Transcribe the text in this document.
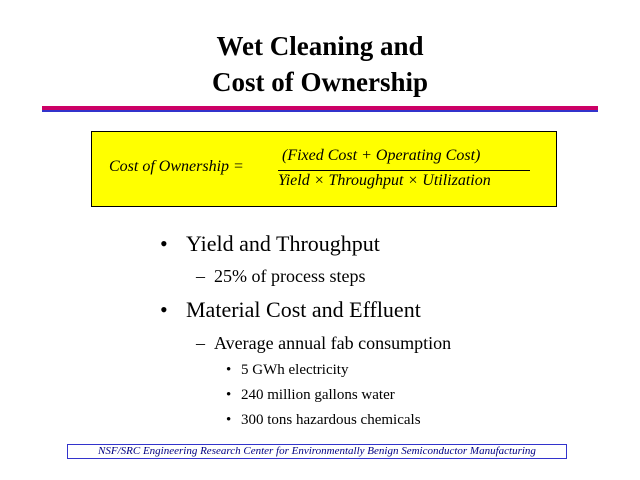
Wet Cleaning and
Cost of Ownership
Cost of Ownership =
(Fixed Cost + Operating Cost)
Yield × Throughput × Utilization
• Yield and Throughput
– 25% of process steps
• Material Cost and Effluent
– Average annual fab consumption
• 5 GWh electricity
• 240 million gallons water
• 300 tons hazardous chemicals
NSF/SRC Engineering Research Center for Environmentally Benign Semiconductor Manufacturing
